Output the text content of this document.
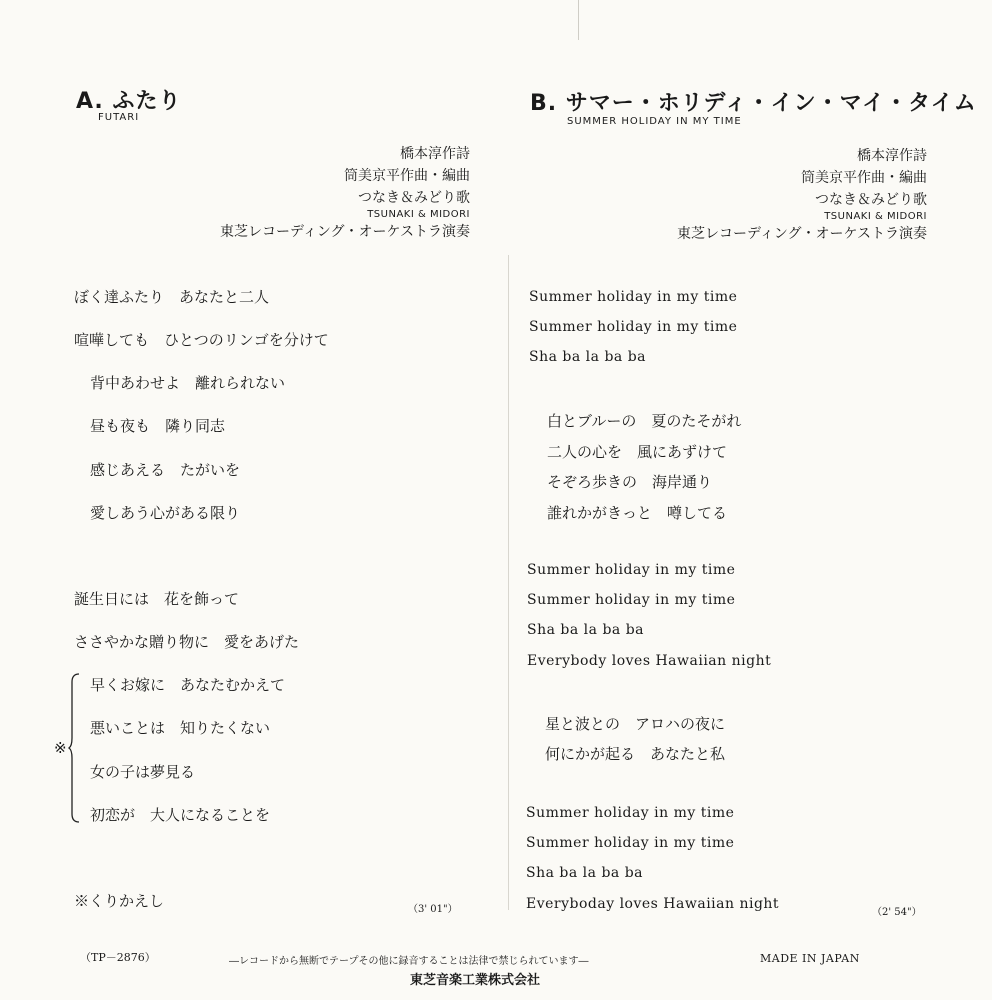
A. ふたり
FUTARI
橋本淳作詩
筒美京平作曲・編曲
つなき＆みどり歌
TSUNAKI & MIDORI
東芝レコーディング・オーケストラ演奏
ぼく達ふたり　あなたと二人
喧嘩しても　ひとつのリンゴを分けて
背中あわせよ　離れられない
昼も夜も　隣り同志
感じあえる　たがいを
愛しあう心がある限り
誕生日には　花を飾って
ささやかな贈り物に　愛をあげた
※
早くお嫁に　あなたむかえて
悪いことは　知りたくない
女の子は夢見る
初恋が　大人になることを
※くりかえし	（3' 01"）
B. サマー・ホリディ・イン・マイ・タイム
SUMMER HOLIDAY IN MY TIME
橋本淳作詩
筒美京平作曲・編曲
つなき＆みどり歌
TSUNAKI & MIDORI
東芝レコーディング・オーケストラ演奏
Summer holiday in my time
Summer holiday in my time
Sha ba la ba ba
白とブルーの　夏のたそがれ
二人の心を　風にあずけて
そぞろ歩きの　海岸通り
誰れかがきっと　噂してる
Summer holiday in my time
Summer holiday in my time
Sha ba la ba ba
Everybody loves Hawaiian night
星と波との　アロハの夜に
何にかが起る　あなたと私
Summer holiday in my time
Summer holiday in my time
Sha ba la ba ba
Everyboday loves Hawaiian night
（2' 54"）
（TP－2876）	―レコードから無断でテープその他に録音することは法律で禁じられています―	MADE IN JAPAN
東芝音楽工業株式会社
